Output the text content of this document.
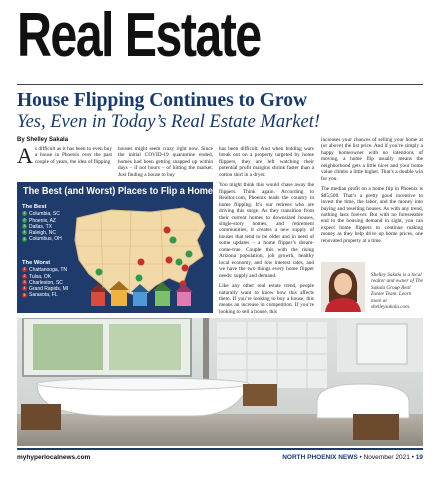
Real Estate
House Flipping Continues to Grow
Yes, Even in Today’s Real Estate Market!
By Shelley Sakala
A s difficult as it has been to even buy a house in Phoenix over the past couple of years, the idea of flipping

houses might seem crazy right now. Since the initial COVID-19 quarantine ended, homes had been getting snapped up within days – if not hours – of hitting the market. Just finding a house to buy

has been difficult. And when bidding wars break out on a property targeted by home flippers, they are left watching their potential profit margins shrink faster than a cotton shirt in a dryer.

You might think this would chase away the flippers. Think again. According to Realtor.com, Phoenix leads the country in home flipping. It’s our retirees who are driving this surge. As they transition from their current homes to downsized houses, single-story homes, and retirement communities, it creates a new supply of houses that tend to be older and in need of some updates – a home flipper’s dream-come-true. Couple this with the rising Arizona population, job growth, healthy local economy, and low interest rates, and we have the two things every home flipper needs: supply and demand.

Like any other real estate trend, people naturally want to know how this affects them. If you’re looking to buy a house, this means an increase in competition. If you’re looking to sell a house, this

increases your chances of selling your home at (or above) the list price. And if you’re simply a happy homeowner with no intentions of moving, a home flip usually means the neighborhood gets a little nicer and your home value climbs a little higher. That’s a double win for you.

The median profit on a home flip in Phoenix is $85,500. That’s a pretty good incentive to invest the time, the labor, and the money into buying and reselling houses. As with any trend, nothing lasts forever. But with no foreseeable end to the housing demand in sight, you can expect home flippers to continue making money as they help drive up home prices, one renovated property at a time.

The Best (and Worst) Places to Flip a Home
The Best
1 Columbia, SC
2 Phoenix, AZ
3 Dallas, TX
4 Raleigh, NC
5 Columbus, OH
The Worst
1 Chattanooga, TN
2 Tulsa, OK
3 Charleston, SC
4 Grand Rapids, MI
5 Sarasota, FL
Shelley Sakala is a local realtor and owner of The Sakala Group Real Estate Team. Learn more at shelleysakala.com.
myhyperlocalnews.com	NORTH PHOENIX NEWS • November 2021 • 19
